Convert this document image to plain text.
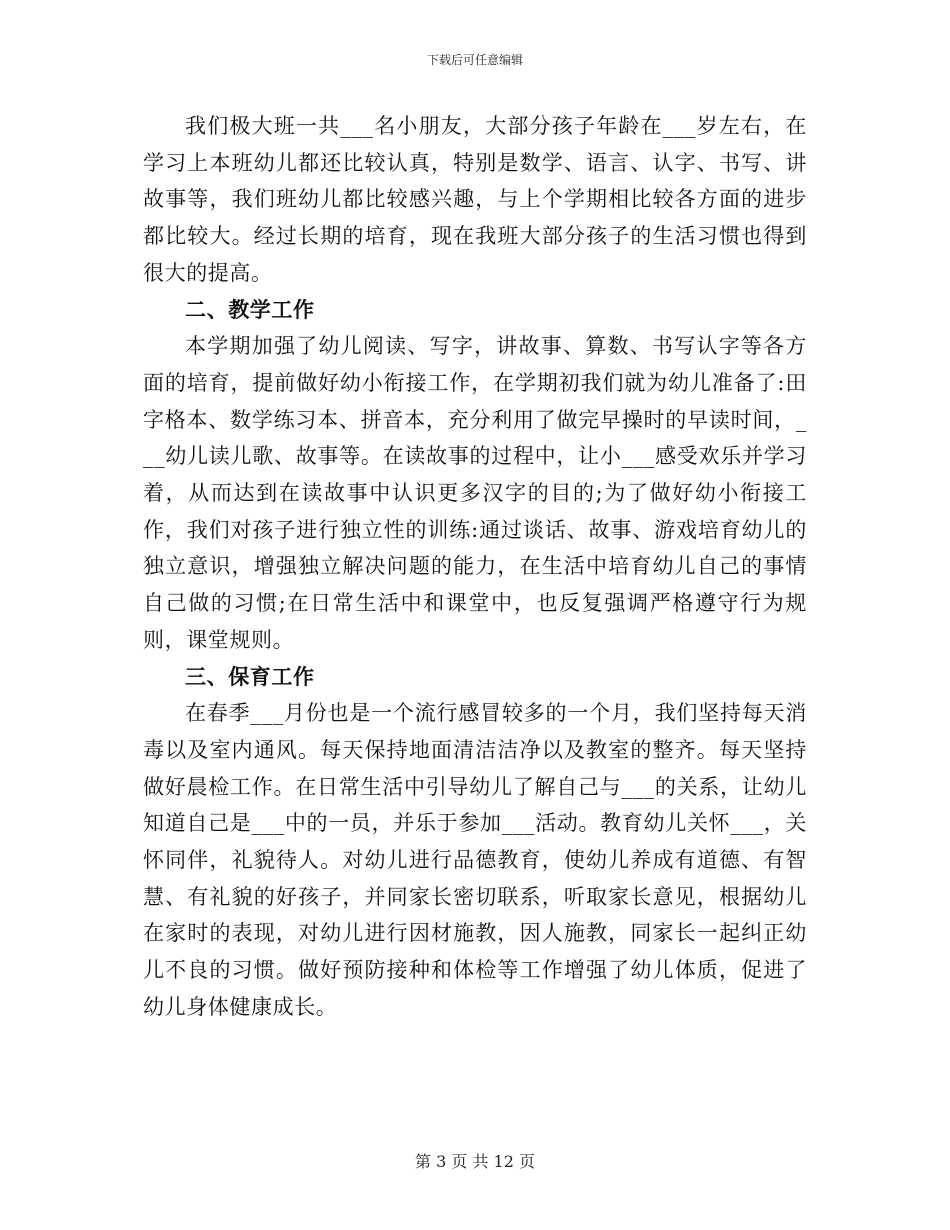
下载后可任意编辑

我们极大班一共___名小朋友，大部分孩子年龄在___岁左右，在学习上本班幼儿都还比较认真，特别是数学、语言、认字、书写、讲故事等，我们班幼儿都比较感兴趣，与上个学期相比较各方面的进步都比较大。经过长期的培育，现在我班大部分孩子的生活习惯也得到很大的提高。

二、教学工作

本学期加强了幼儿阅读、写字，讲故事、算数、书写认字等各方面的培育，提前做好幼小衔接工作，在学期初我们就为幼儿准备了:田字格本、数学练习本、拼音本，充分利用了做完早操时的早读时间，___幼儿读儿歌、故事等。在读故事的过程中，让小___感受欢乐并学习着，从而达到在读故事中认识更多汉字的目的;为了做好幼小衔接工作，我们对孩子进行独立性的训练:通过谈话、故事、游戏培育幼儿的独立意识，增强独立解决问题的能力，在生活中培育幼儿自己的事情自己做的习惯;在日常生活中和课堂中，也反复强调严格遵守行为规则，课堂规则。

三、保育工作

在春季___月份也是一个流行感冒较多的一个月，我们坚持每天消毒以及室内通风。每天保持地面清洁洁净以及教室的整齐。每天坚持做好晨检工作。在日常生活中引导幼儿了解自己与___的关系，让幼儿知道自己是___中的一员，并乐于参加___活动。教育幼儿关怀___，关怀同伴，礼貌待人。对幼儿进行品德教育，使幼儿养成有道德、有智慧、有礼貌的好孩子，并同家长密切联系，听取家长意见，根据幼儿在家时的表现，对幼儿进行因材施教，因人施教，同家长一起纠正幼儿不良的习惯。做好预防接种和体检等工作增强了幼儿体质，促进了幼儿身体健康成长。

第 3 页 共 12 页
